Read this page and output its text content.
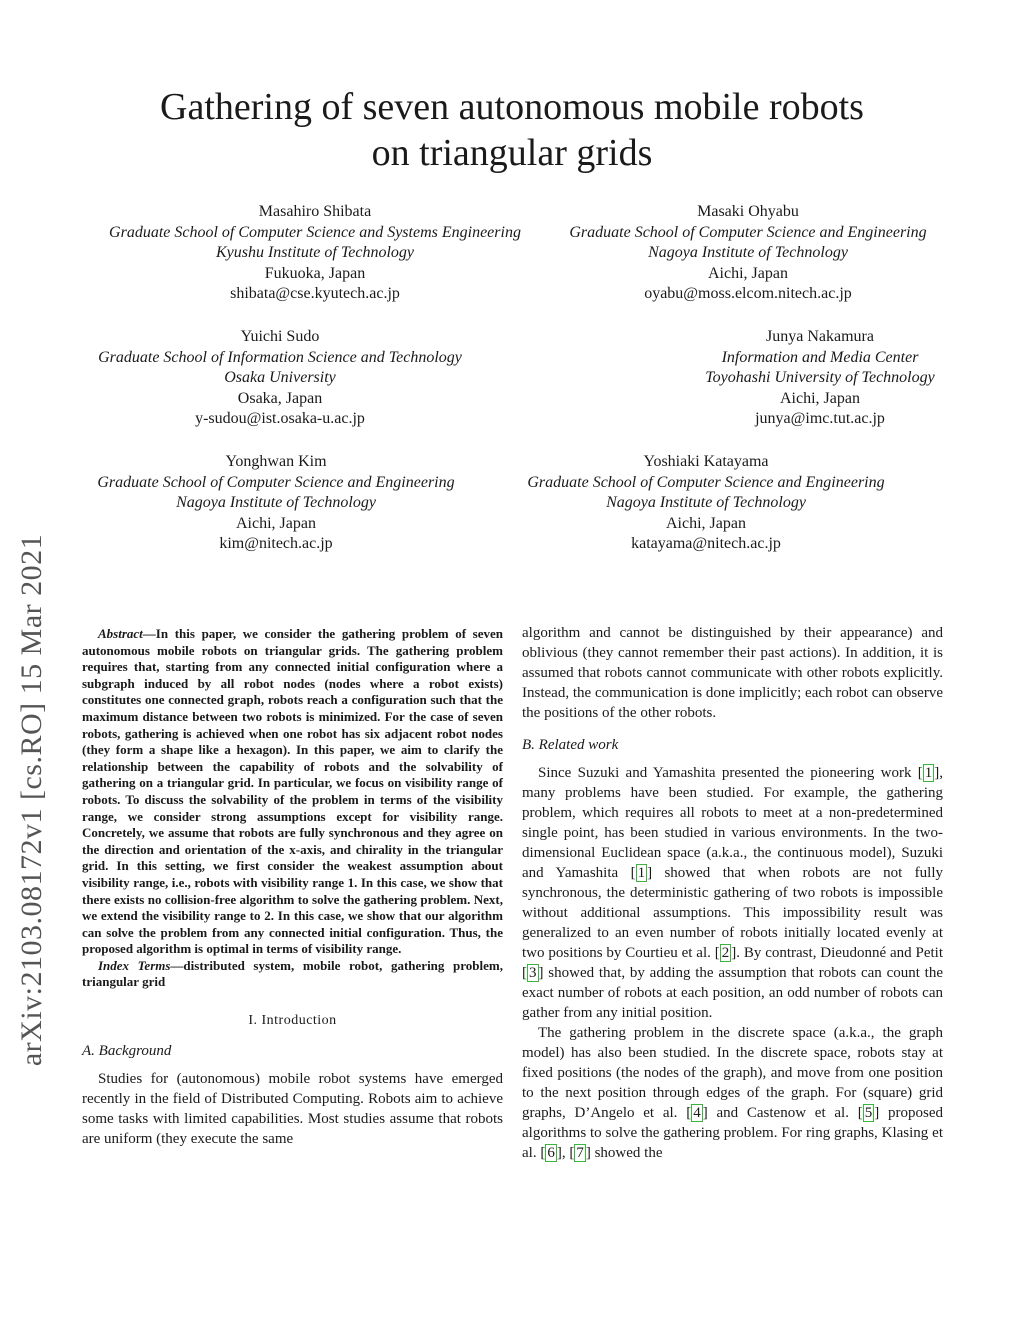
Gathering of seven autonomous mobile robots
on triangular grids
arXiv:2103.08172v1 [cs.RO] 15 Mar 2021
Masahiro Shibata
Graduate School of Computer Science and Systems Engineering
Kyushu Institute of Technology
Fukuoka, Japan
shibata@cse.kyutech.ac.jp
Masaki Ohyabu
Graduate School of Computer Science and Engineering
Nagoya Institute of Technology
Aichi, Japan
oyabu@moss.elcom.nitech.ac.jp
Yuichi Sudo
Graduate School of Information Science and Technology
Osaka University
Osaka, Japan
y-sudou@ist.osaka-u.ac.jp
Junya Nakamura
Information and Media Center
Toyohashi University of Technology
Aichi, Japan
junya@imc.tut.ac.jp
Yonghwan Kim
Graduate School of Computer Science and Engineering
Nagoya Institute of Technology
Aichi, Japan
kim@nitech.ac.jp
Yoshiaki Katayama
Graduate School of Computer Science and Engineering
Nagoya Institute of Technology
Aichi, Japan
katayama@nitech.ac.jp

Abstract—In this paper, we consider the gathering problem of seven autonomous mobile robots on triangular grids. The gathering problem requires that, starting from any connected initial configuration where a subgraph induced by all robot nodes (nodes where a robot exists) constitutes one connected graph, robots reach a configuration such that the maximum distance between two robots is minimized. For the case of seven robots, gathering is achieved when one robot has six adjacent robot nodes (they form a shape like a hexagon). In this paper, we aim to clarify the relationship between the capability of robots and the solvability of gathering on a triangular grid. In particular, we focus on visibility range of robots. To discuss the solvability of the problem in terms of the visibility range, we consider strong assumptions except for visibility range. Concretely, we assume that robots are fully synchronous and they agree on the direction and orientation of the x-axis, and chirality in the triangular grid. In this setting, we first consider the weakest assumption about visibility range, i.e., robots with visibility range 1. In this case, we show that there exists no collision-free algorithm to solve the gathering problem. Next, we extend the visibility range to 2. In this case, we show that our algorithm can solve the problem from any connected initial configuration. Thus, the proposed algorithm is optimal in terms of visibility range.

Index Terms—distributed system, mobile robot, gathering problem, triangular grid

I. Introduction
A. Background

Studies for (autonomous) mobile robot systems have emerged recently in the field of Distributed Computing. Robots aim to achieve some tasks with limited capabilities. Most studies assume that robots are uniform (they execute the same

algorithm and cannot be distinguished by their appearance) and oblivious (they cannot remember their past actions). In addition, it is assumed that robots cannot communicate with other robots explicitly. Instead, the communication is done implicitly; each robot can observe the positions of the other robots.

B. Related work

Since Suzuki and Yamashita presented the pioneering work [ 1 ], many problems have been studied. For example, the gathering problem, which requires all robots to meet at a non-predetermined single point, has been studied in various environments. In the two-dimensional Euclidean space (a.k.a., the continuous model), Suzuki and Yamashita [ 1 ] showed that when robots are not fully synchronous, the deterministic gathering of two robots is impossible without additional assumptions. This impossibility result was generalized to an even number of robots initially located evenly at two positions by Courtieu et al. [ 2 ]. By contrast, Dieudonné and Petit [ 3 ] showed that, by adding the assumption that robots can count the exact number of robots at each position, an odd number of robots can gather from any initial position.

The gathering problem in the discrete space (a.k.a., the graph model) has also been studied. In the discrete space, robots stay at fixed positions (the nodes of the graph), and move from one position to the next position through edges of the graph. For (square) grid graphs, D’Angelo et al. [ 4 ] and Castenow et al. [ 5 ] proposed algorithms to solve the gathering problem. For ring graphs, Klasing et al. [ 6 ], [ 7 ] showed the
